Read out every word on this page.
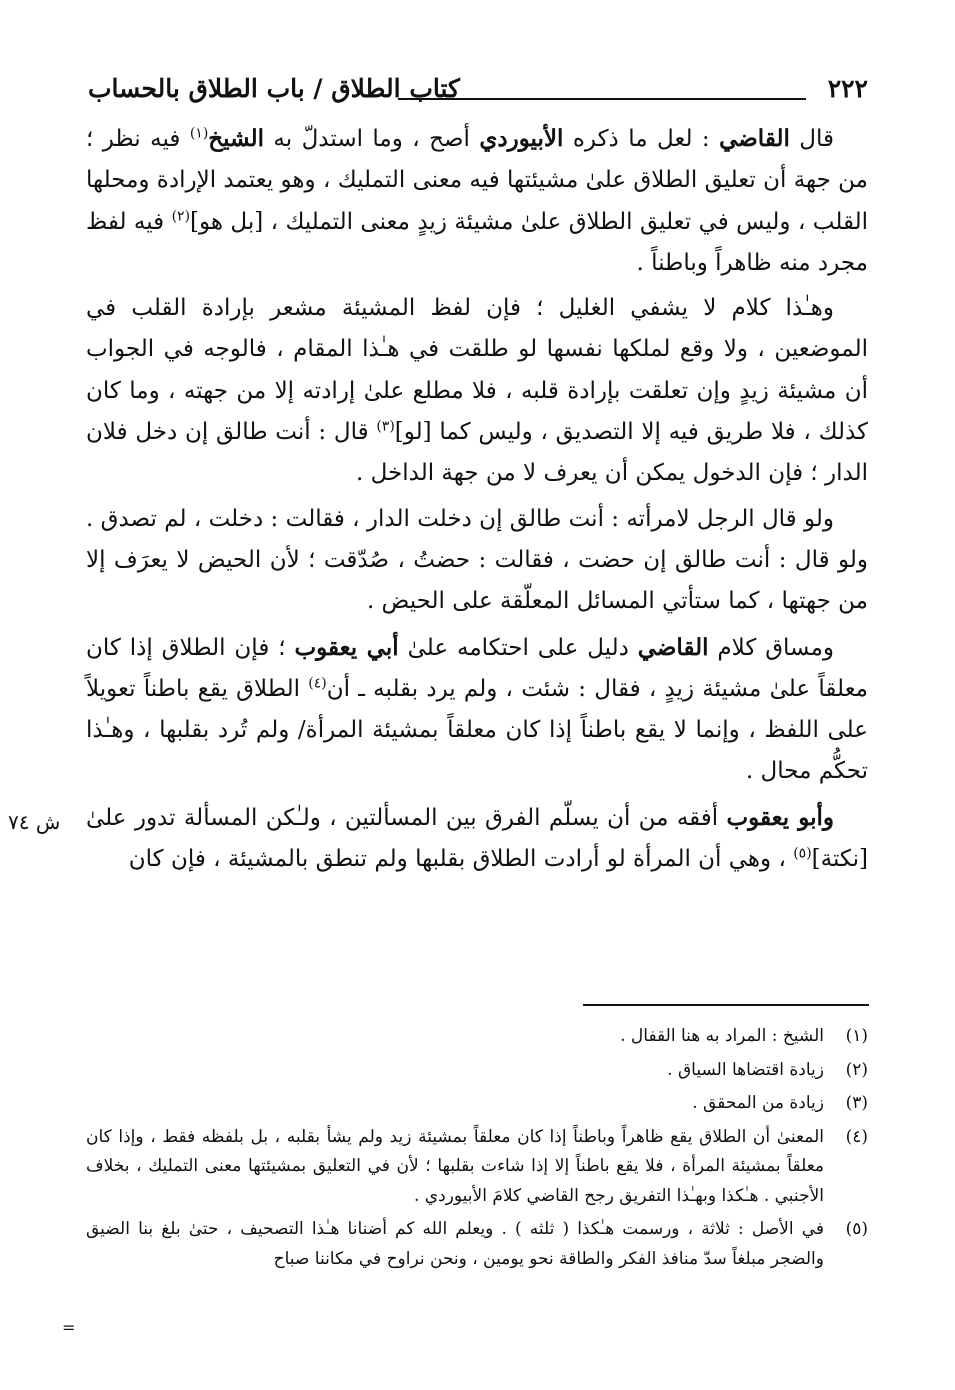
٢٢٢
كتاب الطلاق / باب الطلاق بالحساب

قال القاضي : لعل ما ذكره الأبيوردي أصح ، وما استدلّ به الشيخ$^{(١)}$ فيه نظر ؛ من جهة أن تعليق الطلاق علىٰ مشيئتها فيه معنى التمليك ، وهو يعتمد الإرادة ومحلها القلب ، وليس في تعليق الطلاق علىٰ مشيئة زيدٍ معنى التمليك ، [بل هو]$^{(٢)}$ فيه لفظ مجرد منه ظاهراً وباطناً .

وهـٰذا كلام لا يشفي الغليل ؛ فإن لفظ المشيئة مشعر بإرادة القلب في الموضعين ، ولا وقع لملكها نفسها لو طلقت في هـٰذا المقام ، فالوجه في الجواب أن مشيئة زيدٍ وإن تعلقت بإرادة قلبه ، فلا مطلع علىٰ إرادته إلا من جهته ، وما كان كذلك ، فلا طريق فيه إلا التصديق ، وليس كما [لو]$^{(٣)}$ قال : أنت طالق إن دخل فلان الدار ؛ فإن الدخول يمكن أن يعرف لا من جهة الداخل .

ولو قال الرجل لامرأته : أنت طالق إن دخلت الدار ، فقالت : دخلت ، لم تصدق . ولو قال : أنت طالق إن حضت ، فقالت : حضتُ ، صُدّقت ؛ لأن الحيض لا يعرَف إلا من جهتها ، كما ستأتي المسائل المعلّقة على الحيض .

ومساق كلام القاضي دليل على احتكامه علىٰ أبي يعقوب ؛ فإن الطلاق إذا كان معلقاً علىٰ مشيئة زيدٍ ، فقال : شئت ، ولم يرد بقلبه ـ أن$^{(٤)}$ الطلاق يقع باطناً تعويلاً على اللفظ ، وإنما لا يقع باطناً إذا كان معلقاً بمشيئة المرأة/ ولم تُرد بقلبها ، وهـٰذا تحكُّم محال .

وأبو يعقوب أفقه من أن يسلّم الفرق بين المسألتين ، ولـٰكن المسألة تدور علىٰ [نكتة]$^{(٥)}$ ، وهي أن المرأة لو أرادت الطلاق بقلبها ولم تنطق بالمشيئة ، فإن كان

ش ٧٤
(١)
الشيخ : المراد به هنا القفال .
(٢)
زيادة اقتضاها السياق .
(٣)
زيادة من المحقق .
(٤)
المعنىٰ أن الطلاق يقع ظاهراً وباطناً إذا كان معلقاً بمشيئة زيد ولم يشأ بقلبه ، بل بلفظه فقط ، وإذا كان معلقاً بمشيئة المرأة ، فلا يقع باطناً إلا إذا شاءت بقلبها ؛ لأن في التعليق بمشيئتها معنى التمليك ، بخلاف الأجنبي . هـٰكذا وبهـٰذا التفريق رجح القاضي كلامَ الأبيوردي .
(٥)
في الأصل : ثلاثة ، ورسمت هـٰكذا ( ثلثه ) . ويعلم الله كم أضنانا هـٰذا التصحيف ، حتىٰ بلغ بنا الضيق والضجر مبلغاً سدّ منافذ الفكر والطاقة نحو يومين ، ونحن نراوح في مكاننا صباح
=
